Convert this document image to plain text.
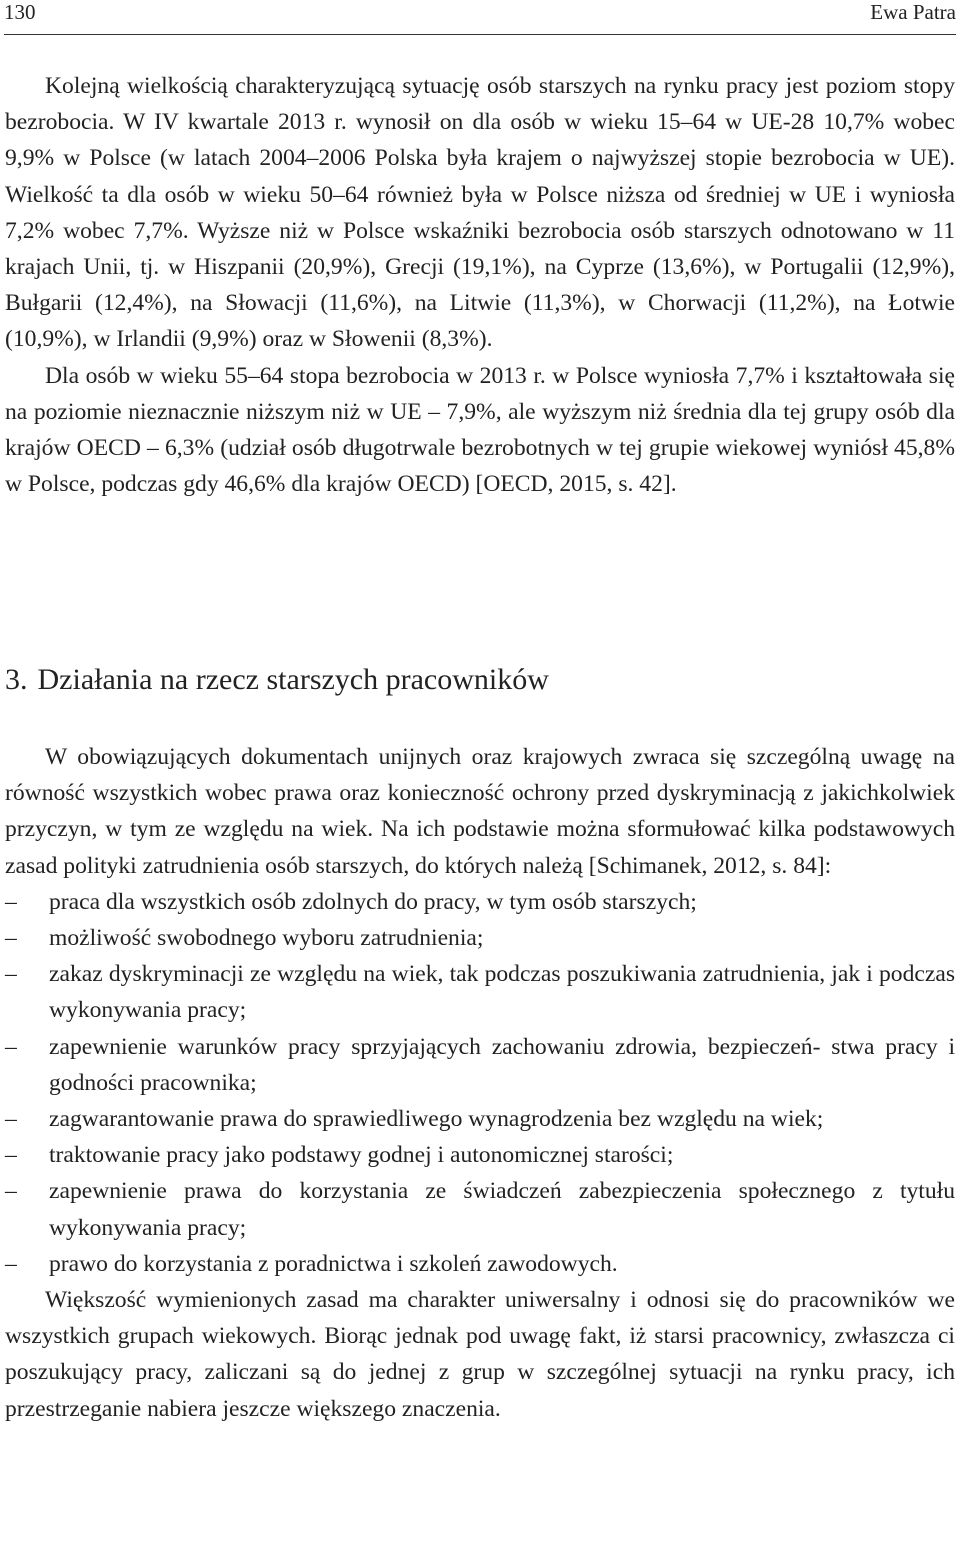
130	Ewa Patra

Kolejną wielkością charakteryzującą sytuację osób starszych na rynku pracy jest poziom stopy bezrobocia. W IV kwartale 2013 r. wynosił on dla osób w wieku 15–64 w UE-28 10,7% wobec 9,9% w Polsce (w latach 2004–2006 Polska była krajem o najwyższej stopie bezrobocia w UE). Wielkość ta dla osób w wieku 50–64 również była w Polsce niższa od średniej w UE i wyniosła 7,2% wobec 7,7%. Wyższe niż w Polsce wskaźniki bezrobocia osób starszych odnotowano w 11 krajach Unii, tj. w Hiszpanii (20,9%), Grecji (19,1%), na Cyprze (13,6%), w Portugalii (12,9%), Bułgarii (12,4%), na Słowacji (11,6%), na Litwie (11,3%), w Chorwacji (11,2%), na Łotwie (10,9%), w Irlandii (9,9%) oraz w Słowenii (8,3%).

Dla osób w wieku 55–64 stopa bezrobocia w 2013 r. w Polsce wyniosła 7,7% i kształtowała się na poziomie nieznacznie niższym niż w UE – 7,9%, ale wyższym niż średnia dla tej grupy osób dla krajów OECD – 6,3% (udział osób długotrwale bezrobotnych w tej grupie wiekowej wyniósł 45,8% w Polsce, podczas gdy 46,6% dla krajów OECD) [OECD, 2015, s. 42].

3. Działania na rzecz starszych pracowników

W obowiązujących dokumentach unijnych oraz krajowych zwraca się szczególną uwagę na równość wszystkich wobec prawa oraz konieczność ochrony przed dyskryminacją z jakichkolwiek przyczyn, w tym ze względu na wiek. Na ich podstawie można sformułować kilka podstawowych zasad polityki zatrudnienia osób starszych, do których należą [Schimanek, 2012, s. 84]:

–	praca dla wszystkich osób zdolnych do pracy, w tym osób starszych;
–	możliwość swobodnego wyboru zatrudnienia;
–	zakaz dyskryminacji ze względu na wiek, tak podczas poszukiwania zatrudnienia, jak i podczas wykonywania pracy;
–	zapewnienie warunków pracy sprzyjających zachowaniu zdrowia, bezpieczeń- stwa pracy i godności pracownika;
–	zagwarantowanie prawa do sprawiedliwego wynagrodzenia bez względu na wiek;
–	traktowanie pracy jako podstawy godnej i autonomicznej starości;
–	zapewnienie prawa do korzystania ze świadczeń zabezpieczenia społecznego z tytułu wykonywania pracy;
–	prawo do korzystania z poradnictwa i szkoleń zawodowych.

Większość wymienionych zasad ma charakter uniwersalny i odnosi się do pracowników we wszystkich grupach wiekowych. Biorąc jednak pod uwagę fakt, iż starsi pracownicy, zwłaszcza ci poszukujący pracy, zaliczani są do jednej z grup w szczególnej sytuacji na rynku pracy, ich przestrzeganie nabiera jeszcze większego znaczenia.
